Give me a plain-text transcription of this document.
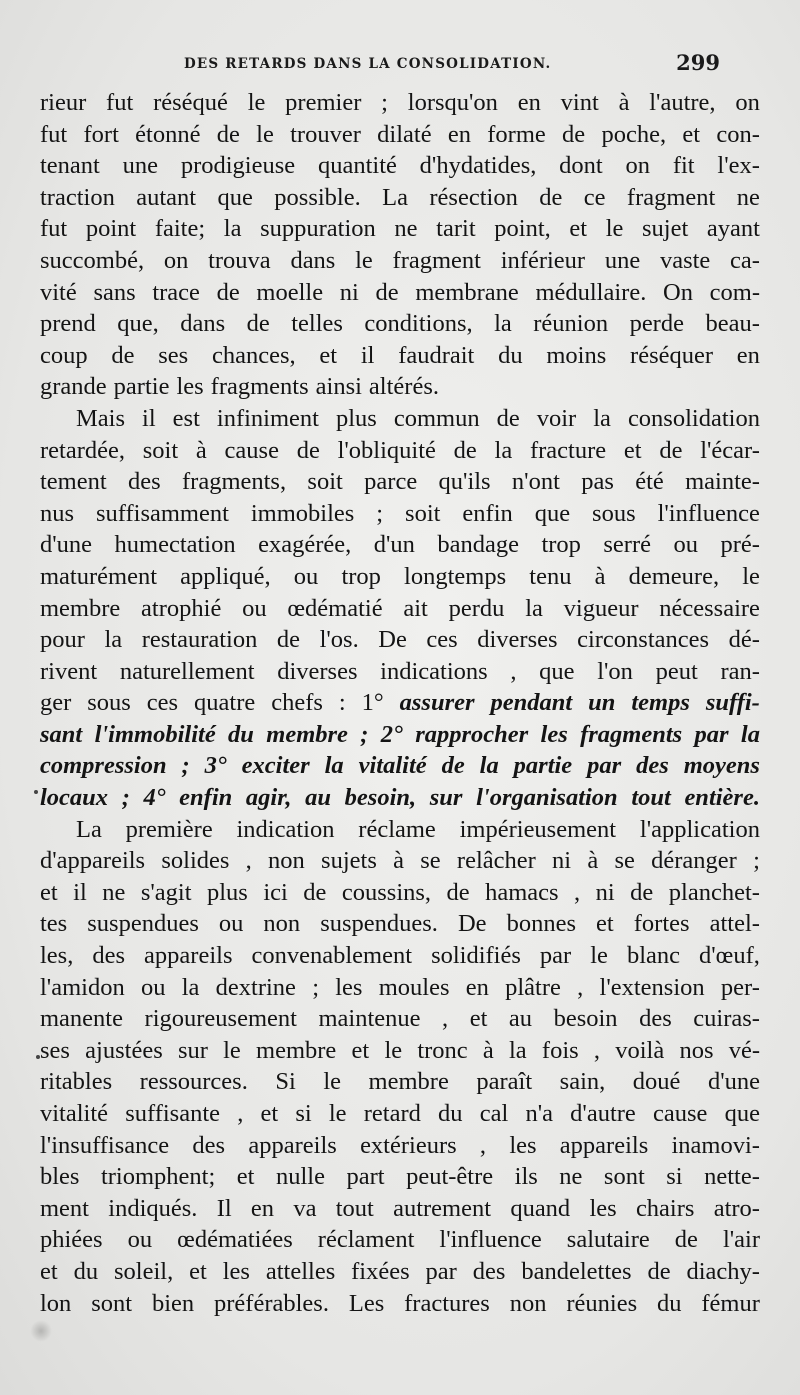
DES RETARDS DANS LA CONSOLIDATION.	299
rieur fut réséqué le premier ; lorsqu'on en vint à l'autre, on
fut fort étonné de le trouver dilaté en forme de poche, et con-
tenant une prodigieuse quantité d'hydatides, dont on fit l'ex-
traction autant que possible. La résection de ce fragment ne
fut point faite; la suppuration ne tarit point, et le sujet ayant
succombé, on trouva dans le fragment inférieur une vaste ca-
vité sans trace de moelle ni de membrane médullaire. On com-
prend que, dans de telles conditions, la réunion perde beau-
coup de ses chances, et il faudrait du moins réséquer en
grande partie les fragments ainsi altérés.
Mais il est infiniment plus commun de voir la consolidation
retardée, soit à cause de l'obliquité de la fracture et de l'écar-
tement des fragments, soit parce qu'ils n'ont pas été mainte-
nus suffisamment immobiles ; soit enfin que sous l'influence
d'une humectation exagérée, d'un bandage trop serré ou pré-
maturément appliqué, ou trop longtemps tenu à demeure, le
membre atrophié ou œdématié ait perdu la vigueur nécessaire
pour la restauration de l'os. De ces diverses circonstances dé-
rivent naturellement diverses indications , que l'on peut ran-
ger sous ces quatre chefs : 1° assurer pendant un temps suffi-
sant l'immobilité du membre ; 2° rapprocher les fragments par la
compression ; 3° exciter la vitalité de la partie par des moyens
locaux ; 4° enfin agir, au besoin, sur l'organisation tout entière.
La première indication réclame impérieusement l'application
d'appareils solides , non sujets à se relâcher ni à se déranger ;
et il ne s'agit plus ici de coussins, de hamacs , ni de planchet-
tes suspendues ou non suspendues. De bonnes et fortes attel-
les, des appareils convenablement solidifiés par le blanc d'œuf,
l'amidon ou la dextrine ; les moules en plâtre , l'extension per-
manente rigoureusement maintenue , et au besoin des cuiras-
ses ajustées sur le membre et le tronc à la fois , voilà nos vé-
ritables ressources. Si le membre paraît sain, doué d'une
vitalité suffisante , et si le retard du cal n'a d'autre cause que
l'insuffisance des appareils extérieurs , les appareils inamovi-
bles triomphent; et nulle part peut-être ils ne sont si nette-
ment indiqués. Il en va tout autrement quand les chairs atro-
phiées ou œdématiées réclament l'influence salutaire de l'air
et du soleil, et les attelles fixées par des bandelettes de diachy-
lon sont bien préférables. Les fractures non réunies du fémur
